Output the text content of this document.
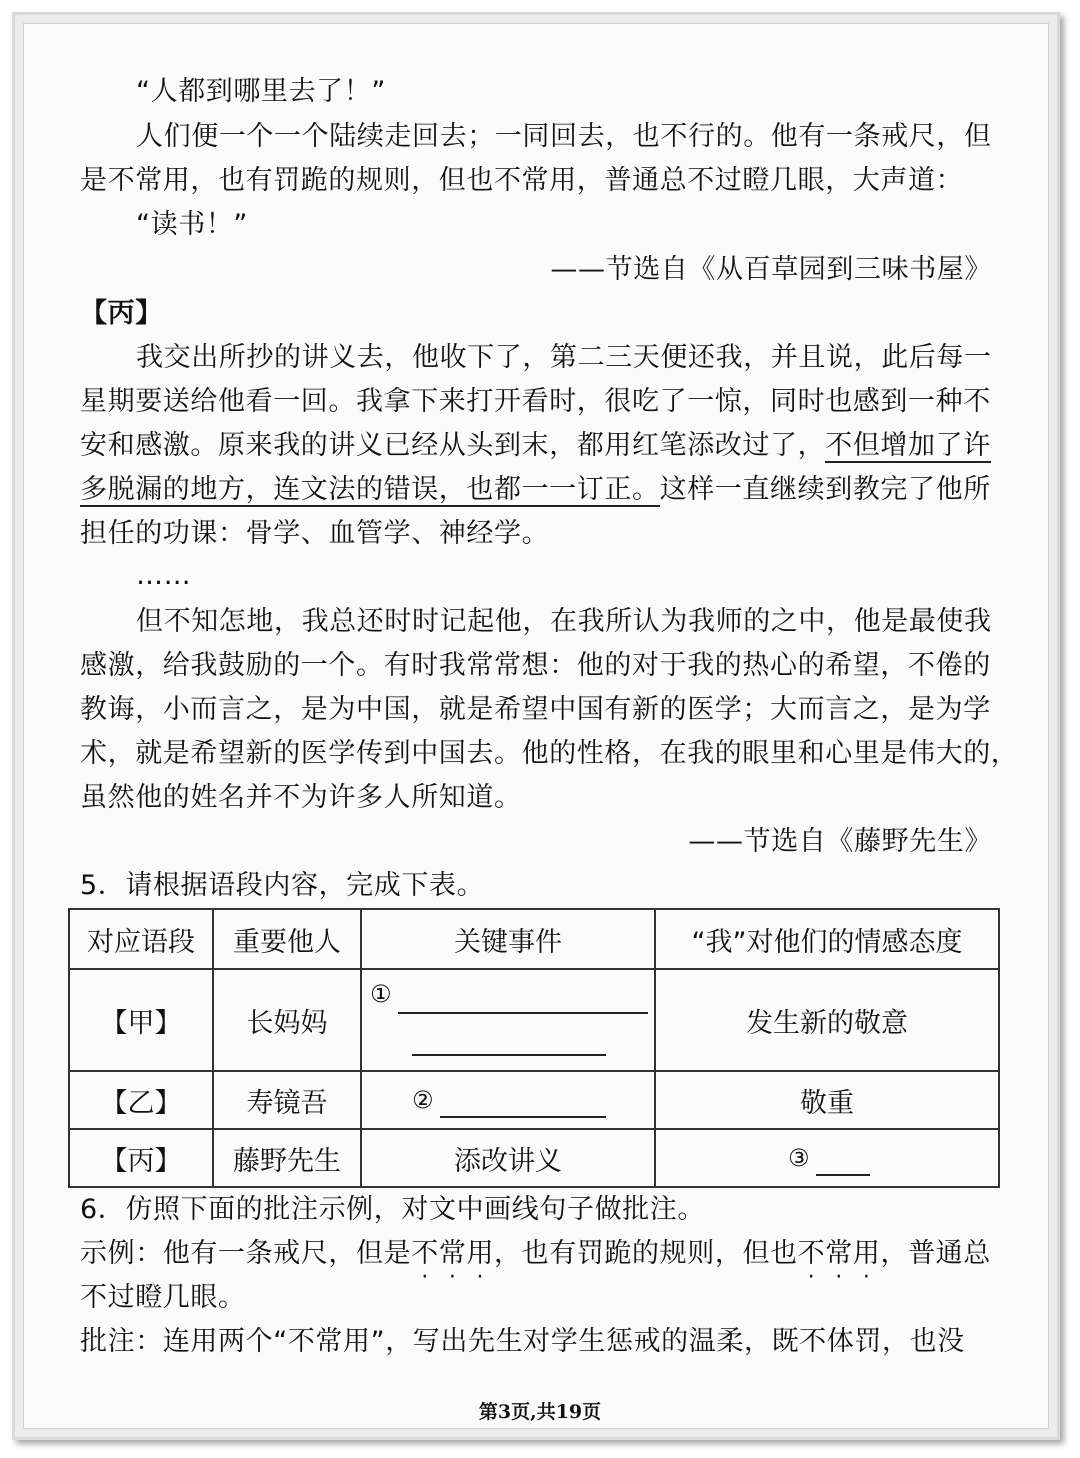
“人都到哪里去了！”
人们便一个一个陆续走回去；一同回去，也不行的。他有一条戒尺，但
是不常用，也有罚跪的规则，但也不常用，普通总不过瞪几眼，大声道：
“读书！”
——节选自《从百草园到三味书屋》
【丙】
我交出所抄的讲义去，他收下了，第二三天便还我，并且说，此后每一
星期要送给他看一回。我拿下来打开看时，很吃了一惊，同时也感到一种不
安和感激。原来我的讲义已经从头到末，都用红笔添改过了，不但增加了许
多脱漏的地方，连文法的错误，也都一一订正。这样一直继续到教完了他所
担任的功课：骨学、血管学、神经学。
……
但不知怎地，我总还时时记起他，在我所认为我师的之中，他是最使我
感激，给我鼓励的一个。有时我常常想：他的对于我的热心的希望，不倦的
教诲，小而言之，是为中国，就是希望中国有新的医学；大而言之，是为学
术，就是希望新的医学传到中国去。他的性格，在我的眼里和心里是伟大的，
虽然他的姓名并不为许多人所知道。
——节选自《藤野先生》
5．请根据语段内容，完成下表。
对应语段	重要他人	关键事件	“我”对他们的情感态度
【甲】	长妈妈	①	发生新的敬意
【乙】	寿镜吾	②	敬重
【丙】	藤野先生	添改讲义	③
6．仿照下面的批注示例，对文中画线句子做批注。
示例：他有一条戒尺，但是不常用，也有罚跪的规则，但也不常用，普通总
不过瞪几眼。
批注：连用两个“不常用”，写出先生对学生惩戒的温柔，既不体罚，也没
第3页,共19页
